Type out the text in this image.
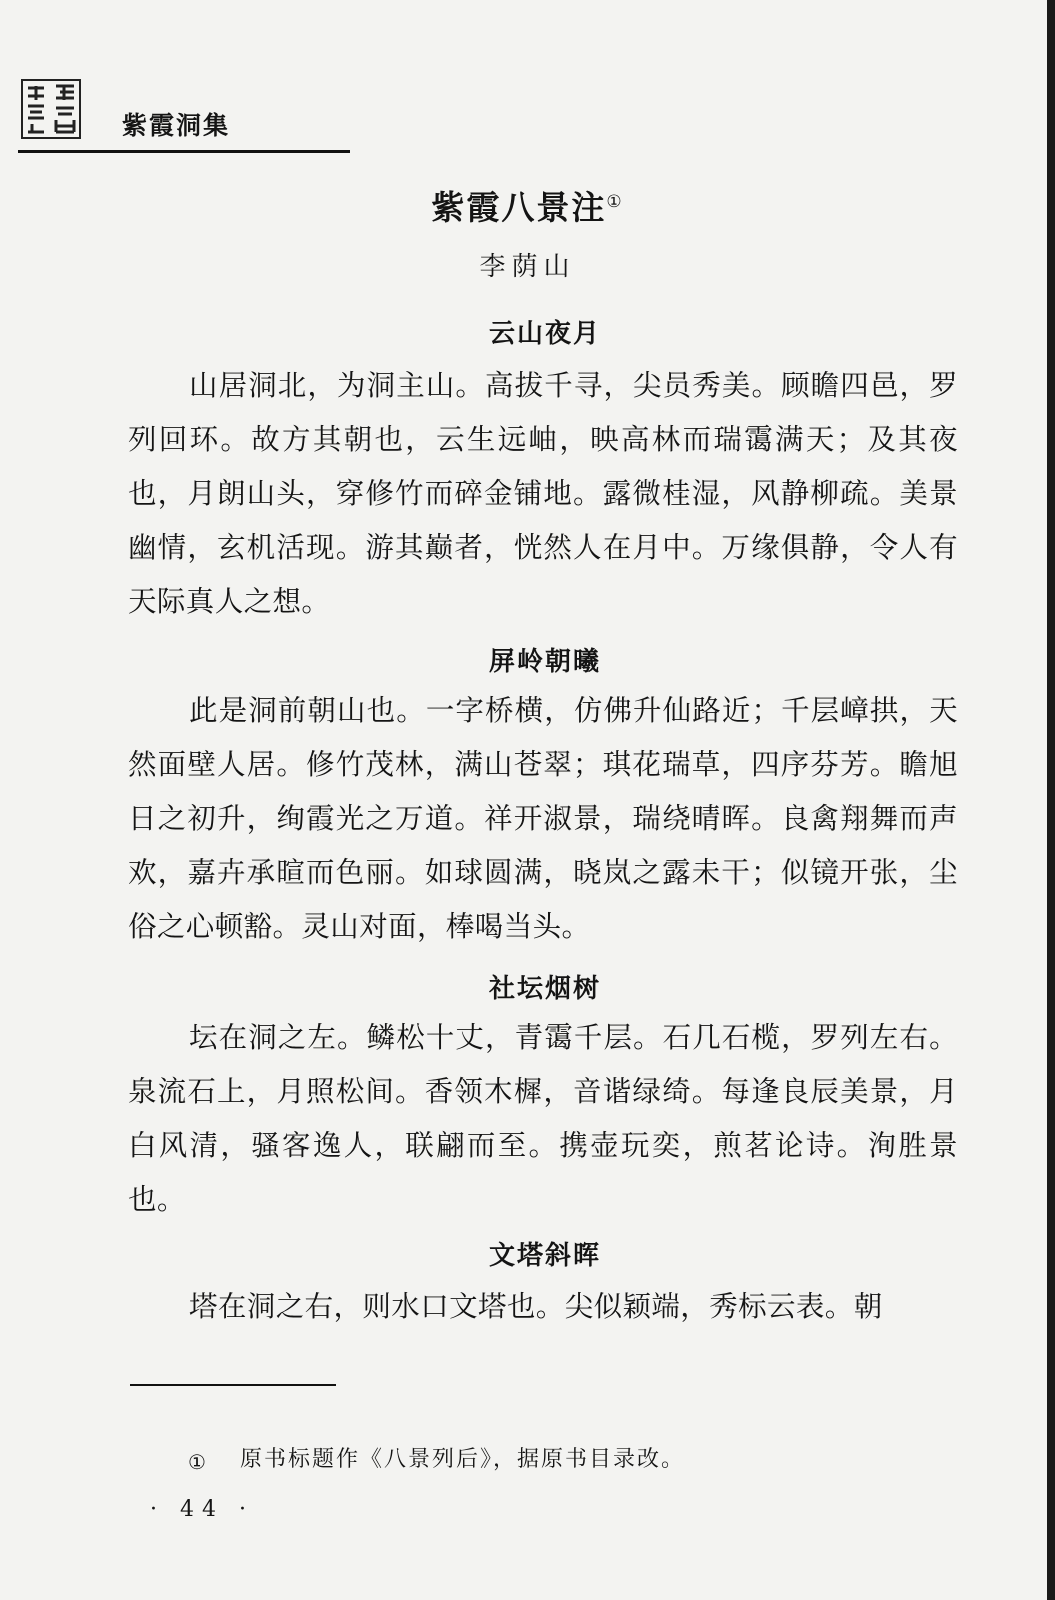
紫霞洞集
紫霞八景注①
李荫山
云山夜月

山居洞北，为洞主山。高拔千寻，尖员秀美。顾瞻四邑，罗列回环。故方其朝也，云生远岫，映高林而瑞霭满天；及其夜也，月朗山头，穿修竹而碎金铺地。露微桂湿，风静柳疏。美景幽情，玄机活现。游其巅者，恍然人在月中。万缘俱静，令人有天际真人之想。

屏岭朝曦

此是洞前朝山也。一字桥横，仿佛升仙路近；千层嶂拱，天然面壁人居。修竹茂林，满山苍翠；琪花瑞草，四序芬芳。瞻旭日之初升，绚霞光之万道。祥开淑景，瑞绕晴晖。良禽翔舞而声欢，嘉卉承暄而色丽。如球圆满，晓岚之露未干；似镜开张，尘俗之心顿豁。灵山对面，棒喝当头。

社坛烟树

坛在洞之左。鳞松十丈，青霭千层。石几石榄，罗列左右。泉流石上，月照松间。香领木樨，音谐绿绮。每逢良辰美景，月白风清，骚客逸人，联翩而至。携壶玩奕，煎茗论诗。洵胜景也。

文塔斜晖

塔在洞之右，则水口文塔也。尖似颖端，秀标云表。朝

① 原书标题作《八景列后》，据原书目录改。
· 44 ·
